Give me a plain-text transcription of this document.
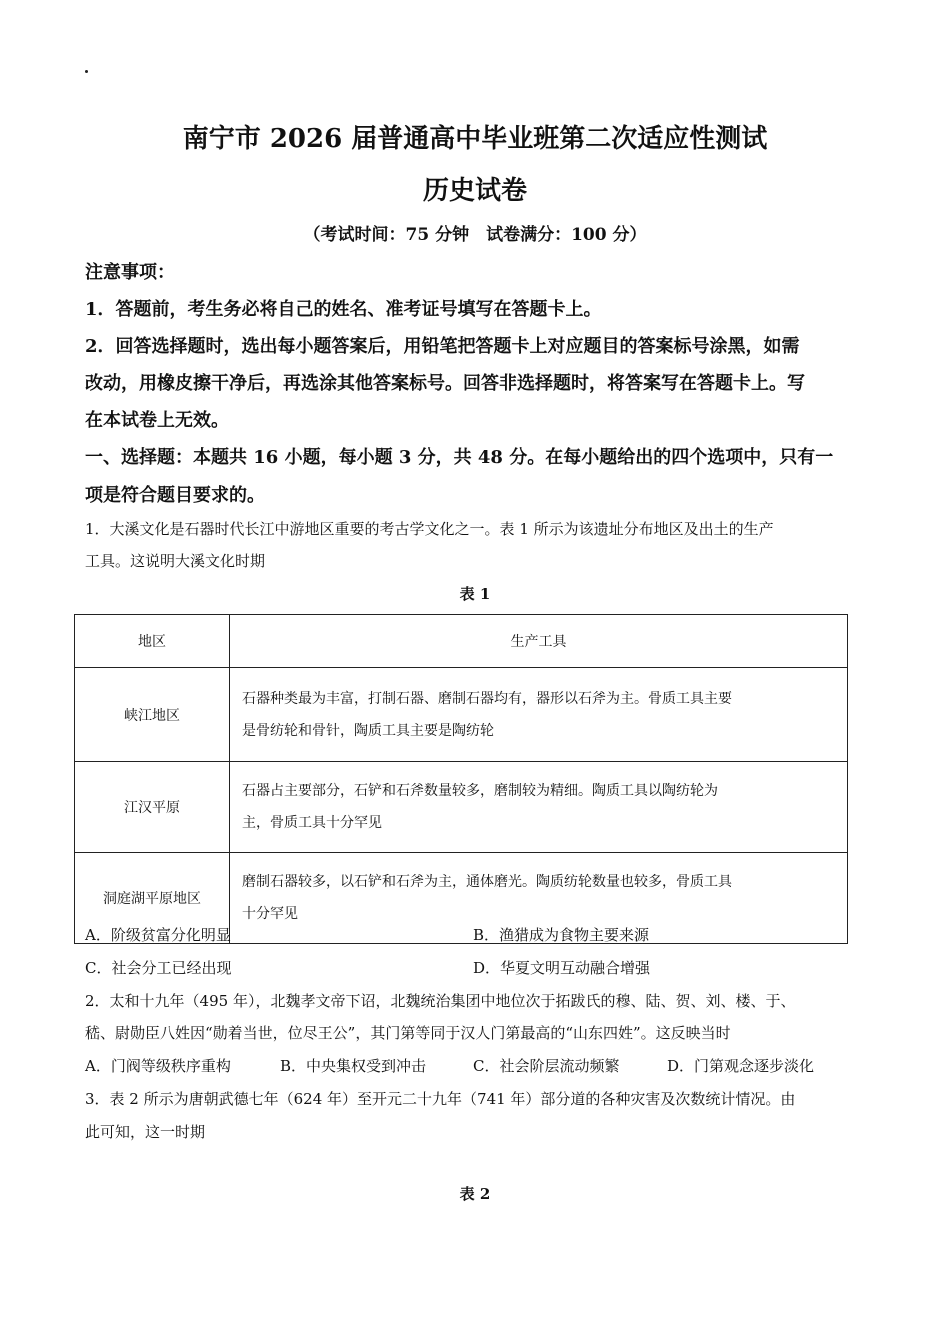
南宁市 2026 届普通高中毕业班第二次适应性测试
历史试卷
（考试时间：75 分钟　试卷满分：100 分）
注意事项：
1．答题前，考生务必将自己的姓名、准考证号填写在答题卡上。
2．回答选择题时，选出每小题答案后，用铅笔把答题卡上对应题目的答案标号涂黑，如需
改动，用橡皮擦干净后，再选涂其他答案标号。回答非选择题时，将答案写在答题卡上。写
在本试卷上无效。
一、选择题：本题共 16 小题，每小题 3 分，共 48 分。在每小题给出的四个选项中，只有一
项是符合题目要求的。
1．大溪文化是石器时代长江中游地区重要的考古学文化之一。表 1 所示为该遗址分布地区及出土的生产
工具。这说明大溪文化时期
表 1
地区	生产工具
峡江地区	石器种类最为丰富，打制石器、磨制石器均有，器形以石斧为主。骨质工具主要
是骨纺轮和骨针，陶质工具主要是陶纺轮

江汉平原	石器占主要部分，石铲和石斧数量较多，磨制较为精细。陶质工具以陶纺轮为
主，骨质工具十分罕见

洞庭湖平原地区	磨制石器较多，以石铲和石斧为主，通体磨光。陶质纺轮数量也较多，骨质工具
十分罕见
A．阶级贫富分化明显	B．渔猎成为食物主要来源
C．社会分工已经出现	D．华夏文明互动融合增强
2．太和十九年（495 年），北魏孝文帝下诏，北魏统治集团中地位次于拓跋氏的穆、陆、贺、刘、楼、于、
嵇、尉勋臣八姓因“勋着当世，位尽王公”，其门第等同于汉人门第最高的“山东四姓”。这反映当时
A．门阀等级秩序重构	B．中央集权受到冲击	C．社会阶层流动频繁	D．门第观念逐步淡化
3．表 2 所示为唐朝武德七年（624 年）至开元二十九年（741 年）部分道的各种灾害及次数统计情况。由
此可知，这一时期
表 2
